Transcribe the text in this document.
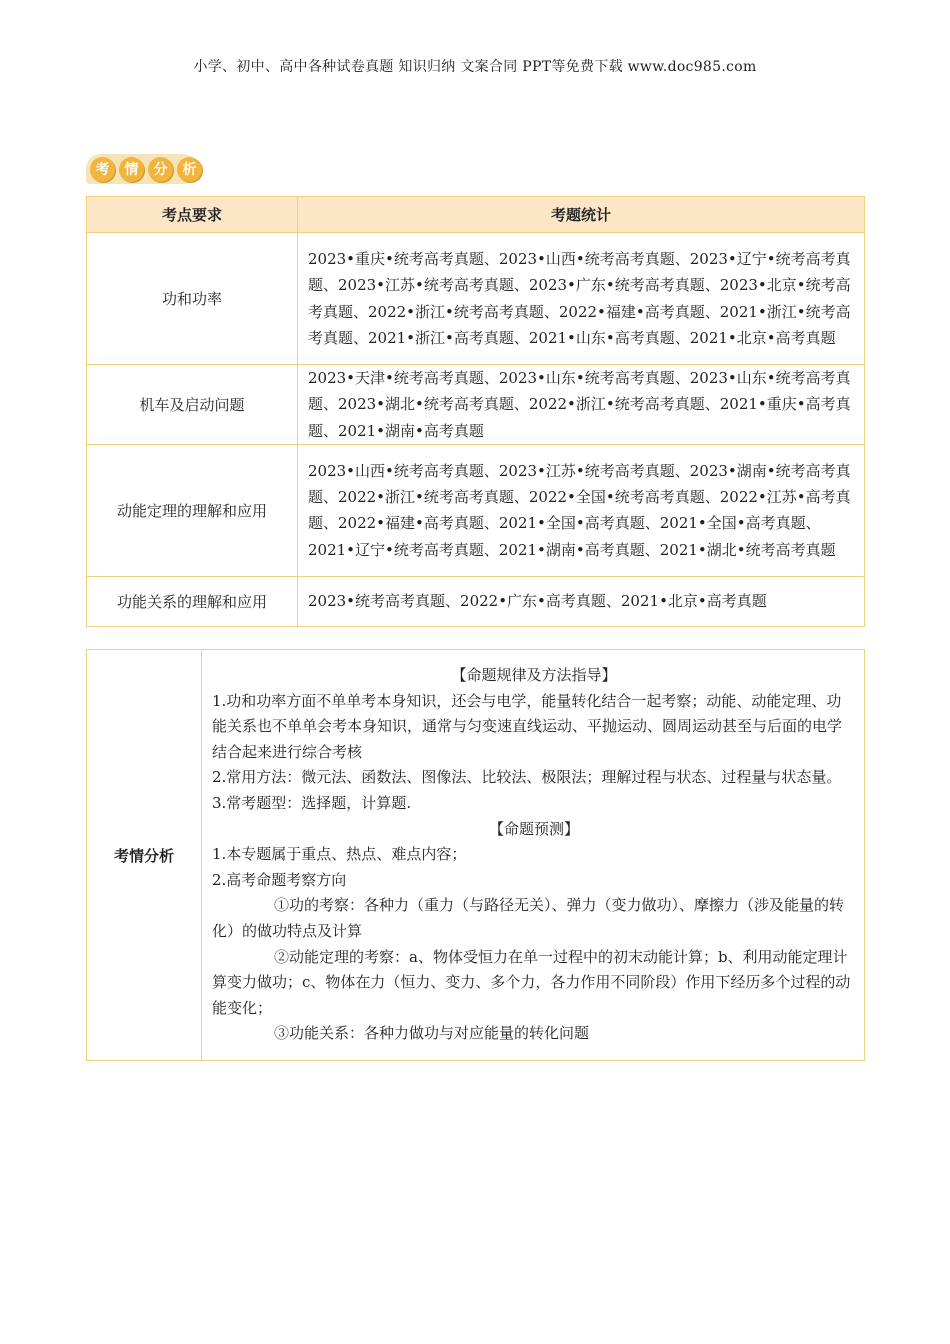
小学、初中、高中各种试卷真题 知识归纳 文案合同 PPT等免费下载 www.doc985.com
考	情	分	析
考点要求	考题统计
功和功率	2023•重庆•统考高考真题、2023•山西•统考高考真题、2023•辽宁•统考高考真题、2023•江苏•统考高考真题、2023•广东•统考高考真题、2023•北京•统考高考真题、2022•浙江•统考高考真题、2022•福建•高考真题、2021•浙江•统考高考真题、2021•浙江•高考真题、2021•山东•高考真题、2021•北京•高考真题
机车及启动问题	2023•天津•统考高考真题、2023•山东•统考高考真题、2023•山东•统考高考真题、2023•湖北•统考高考真题、2022•浙江•统考高考真题、2021•重庆•高考真题、2021•湖南•高考真题
动能定理的理解和应用	2023•山西•统考高考真题、2023•江苏•统考高考真题、2023•湖南•统考高考真题、2022•浙江•统考高考真题、2022•全国•统考高考真题、2022•江苏•高考真题、2022•福建•高考真题、2021•全国•高考真题、2021•全国•高考真题、2021•辽宁•统考高考真题、2021•湖南•高考真题、2021•湖北•统考高考真题
功能关系的理解和应用	2023•统考高考真题、2022•广东•高考真题、2021•北京•高考真题
考情分析	
【命题规律及方法指导】
1.功和功率方面不单单考本身知识，还会与电学，能量转化结合一起考察；动能、动能定理、功能关系也不单单会考本身知识，通常与匀变速直线运动、平抛运动、圆周运动甚至与后面的电学结合起来进行综合考核
2.常用方法：微元法、函数法、图像法、比较法、极限法；理解过程与状态、过程量与状态量。
3.常考题型：选择题，计算题.
【命题预测】
1.本专题属于重点、热点、难点内容；
2.高考命题考察方向
①功的考察：各种力（重力（与路径无关）、弹力（变力做功）、摩擦力（涉及能量的转化）的做功特点及计算
②动能定理的考察：a、物体受恒力在单一过程中的初末动能计算；b、利用动能定理计算变力做功；c、物体在力（恒力、变力、多个力，各力作用不同阶段）作用下经历多个过程的动能变化；
③功能关系：各种力做功与对应能量的转化问题
